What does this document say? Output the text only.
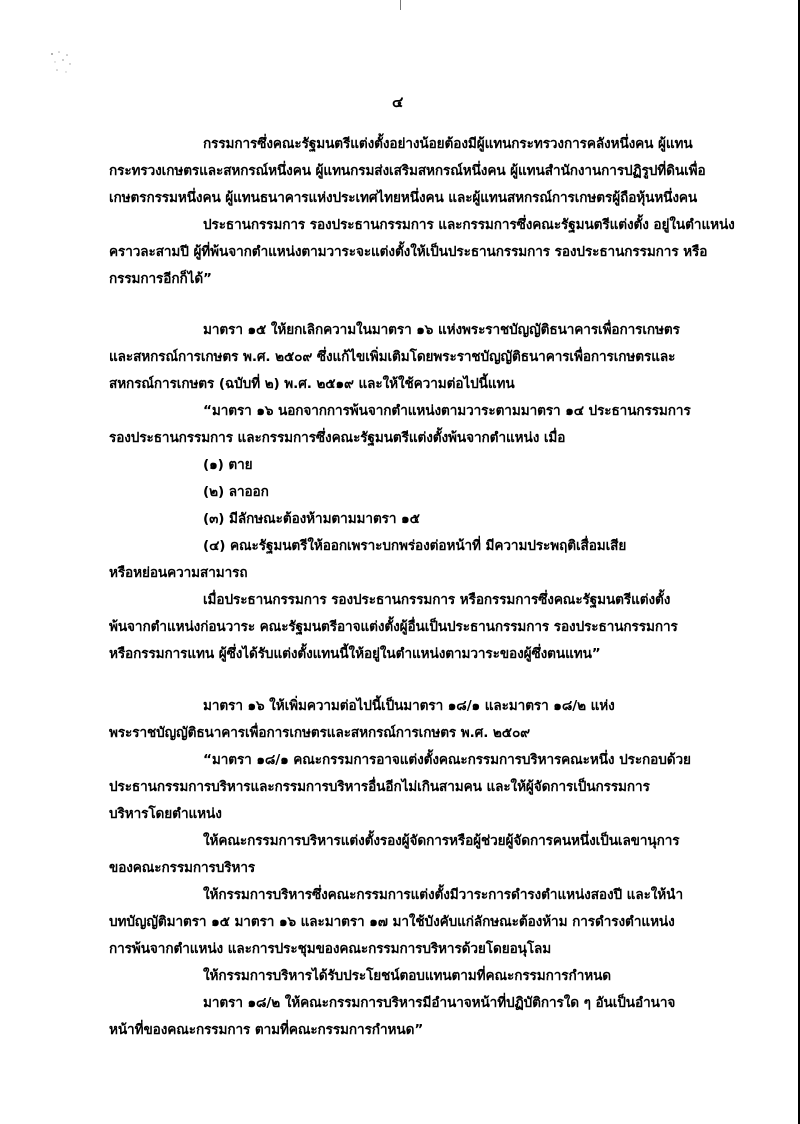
๔
กรรมการซึ่งคณะรัฐมนตรีแต่งตั้งอย่างน้อยต้องมีผู้แทนกระทรวงการคลังหนึ่งคน ผู้แทน
กระทรวงเกษตรและสหกรณ์หนึ่งคน ผู้แทนกรมส่งเสริมสหกรณ์หนึ่งคน ผู้แทนสำนักงานการปฏิรูปที่ดินเพื่อ
เกษตรกรรมหนึ่งคน ผู้แทนธนาคารแห่งประเทศไทยหนึ่งคน และผู้แทนสหกรณ์การเกษตรผู้ถือหุ้นหนึ่งคน
ประธานกรรมการ รองประธานกรรมการ และกรรมการซึ่งคณะรัฐมนตรีแต่งตั้ง อยู่ในตำแหน่ง
คราวละสามปี ผู้ที่พ้นจากตำแหน่งตามวาระจะแต่งตั้งให้เป็นประธานกรรมการ รองประธานกรรมการ หรือ
กรรมการอีกก็ได้”
มาตรา ๑๕ ให้ยกเลิกความในมาตรา ๑๖ แห่งพระราชบัญญัติธนาคารเพื่อการเกษตร
และสหกรณ์การเกษตร พ.ศ. ๒๕๐๙ ซึ่งแก้ไขเพิ่มเติมโดยพระราชบัญญัติธนาคารเพื่อการเกษตรและ
สหกรณ์การเกษตร (ฉบับที่ ๒) พ.ศ. ๒๕๑๙ และให้ใช้ความต่อไปนี้แทน
“มาตรา ๑๖ นอกจากการพ้นจากตำแหน่งตามวาระตามมาตรา ๑๔ ประธานกรรมการ
รองประธานกรรมการ และกรรมการซึ่งคณะรัฐมนตรีแต่งตั้งพ้นจากตำแหน่ง เมื่อ
(๑) ตาย
(๒) ลาออก
(๓) มีลักษณะต้องห้ามตามมาตรา ๑๕
(๔) คณะรัฐมนตรีให้ออกเพราะบกพร่องต่อหน้าที่ มีความประพฤติเสื่อมเสีย
หรือหย่อนความสามารถ
เมื่อประธานกรรมการ รองประธานกรรมการ หรือกรรมการซึ่งคณะรัฐมนตรีแต่งตั้ง
พ้นจากตำแหน่งก่อนวาระ คณะรัฐมนตรีอาจแต่งตั้งผู้อื่นเป็นประธานกรรมการ รองประธานกรรมการ
หรือกรรมการแทน ผู้ซึ่งได้รับแต่งตั้งแทนนี้ให้อยู่ในตำแหน่งตามวาระของผู้ซึ่งตนแทน”
มาตรา ๑๖ ให้เพิ่มความต่อไปนี้เป็นมาตรา ๑๘/๑ และมาตรา ๑๘/๒ แห่ง
พระราชบัญญัติธนาคารเพื่อการเกษตรและสหกรณ์การเกษตร พ.ศ. ๒๕๐๙
“มาตรา ๑๘/๑ คณะกรรมการอาจแต่งตั้งคณะกรรมการบริหารคณะหนึ่ง ประกอบด้วย
ประธานกรรมการบริหารและกรรมการบริหารอื่นอีกไม่เกินสามคน และให้ผู้จัดการเป็นกรรมการ
บริหารโดยตำแหน่ง
ให้คณะกรรมการบริหารแต่งตั้งรองผู้จัดการหรือผู้ช่วยผู้จัดการคนหนึ่งเป็นเลขานุการ
ของคณะกรรมการบริหาร
ให้กรรมการบริหารซึ่งคณะกรรมการแต่งตั้งมีวาระการดำรงตำแหน่งสองปี และให้นำ
บทบัญญัติมาตรา ๑๕ มาตรา ๑๖ และมาตรา ๑๗ มาใช้บังคับแก่ลักษณะต้องห้าม การดำรงตำแหน่ง
การพ้นจากตำแหน่ง และการประชุมของคณะกรรมการบริหารด้วยโดยอนุโลม
ให้กรรมการบริหารได้รับประโยชน์ตอบแทนตามที่คณะกรรมการกำหนด
มาตรา ๑๘/๒ ให้คณะกรรมการบริหารมีอำนาจหน้าที่ปฏิบัติการใด ๆ อันเป็นอำนาจ
หน้าที่ของคณะกรรมการ ตามที่คณะกรรมการกำหนด”
